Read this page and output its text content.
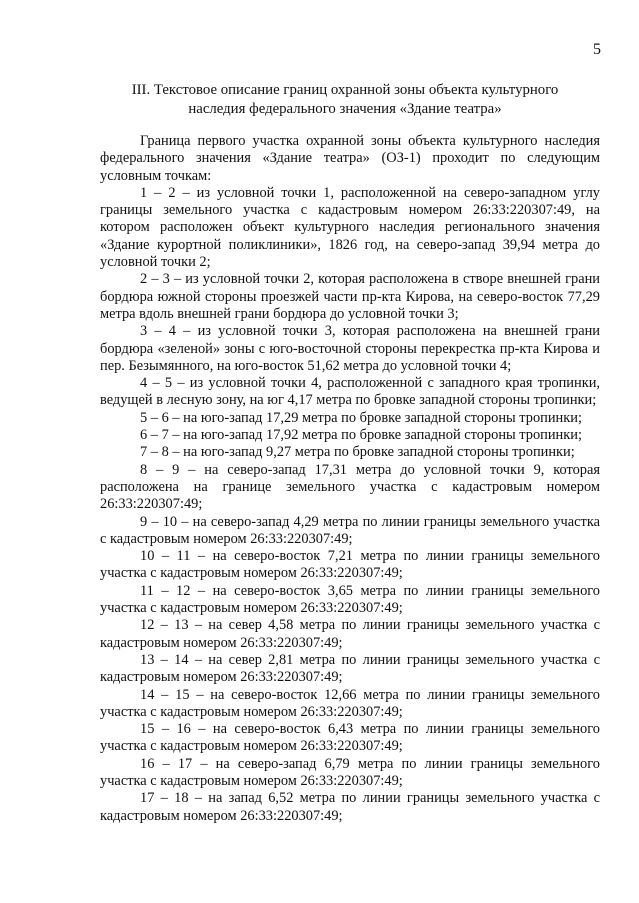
5
III. Текстовое описание границ охранной зоны объекта культурного
наследия федерального значения «Здание театра»

Граница первого участка охранной зоны объекта культурного наследия федерального значения «Здание театра» (ОЗ-1) проходит по следующим условным точкам:

1 – 2 – из условной точки 1, расположенной на северо-западном углу границы земельного участка с кадастровым номером 26:33:220307:49, на котором расположен объект культурного наследия регионального значения «Здание курортной поликлиники», 1826 год, на северо-запад 39,94 метра до условной точки 2;

2 – 3 – из условной точки 2, которая расположена в створе внешней грани бордюра южной стороны проезжей части пр-кта Кирова, на северо-восток 77,29 метра вдоль внешней грани бордюра до условной точки 3;

3 – 4 – из условной точки 3, которая расположена на внешней грани бордюра «зеленой» зоны с юго-восточной стороны перекрестка пр-кта Кирова и пер. Безымянного, на юго-восток 51,62 метра до условной точки 4;

4 – 5 – из условной точки 4, расположенной с западного края тропинки, ведущей в лесную зону, на юг 4,17 метра по бровке западной стороны тропинки;

5 – 6 – на юго-запад 17,29 метра по бровке западной стороны тропинки;

6 – 7 – на юго-запад 17,92 метра по бровке западной стороны тропинки;

7 – 8 – на юго-запад 9,27 метра по бровке западной стороны тропинки;

8 – 9 – на северо-запад 17,31 метра до условной точки 9, которая расположена на границе земельного участка с кадастровым номером 26:33:220307:49;

9 – 10 – на северо-запад 4,29 метра по линии границы земельного участка с кадастровым номером 26:33:220307:49;

10 – 11 – на северо-восток 7,21 метра по линии границы земельного участка с кадастровым номером 26:33:220307:49;

11 – 12 – на северо-восток 3,65 метра по линии границы земельного участка с кадастровым номером 26:33:220307:49;

12 – 13 – на север 4,58 метра по линии границы земельного участка с кадастровым номером 26:33:220307:49;

13 – 14 – на север 2,81 метра по линии границы земельного участка с кадастровым номером 26:33:220307:49;

14 – 15 – на северо-восток 12,66 метра по линии границы земельного участка с кадастровым номером 26:33:220307:49;

15 – 16 – на северо-восток 6,43 метра по линии границы земельного участка с кадастровым номером 26:33:220307:49;

16 – 17 – на северо-запад 6,79 метра по линии границы земельного участка с кадастровым номером 26:33:220307:49;

17 – 18 – на запад 6,52 метра по линии границы земельного участка с кадастровым номером 26:33:220307:49;
